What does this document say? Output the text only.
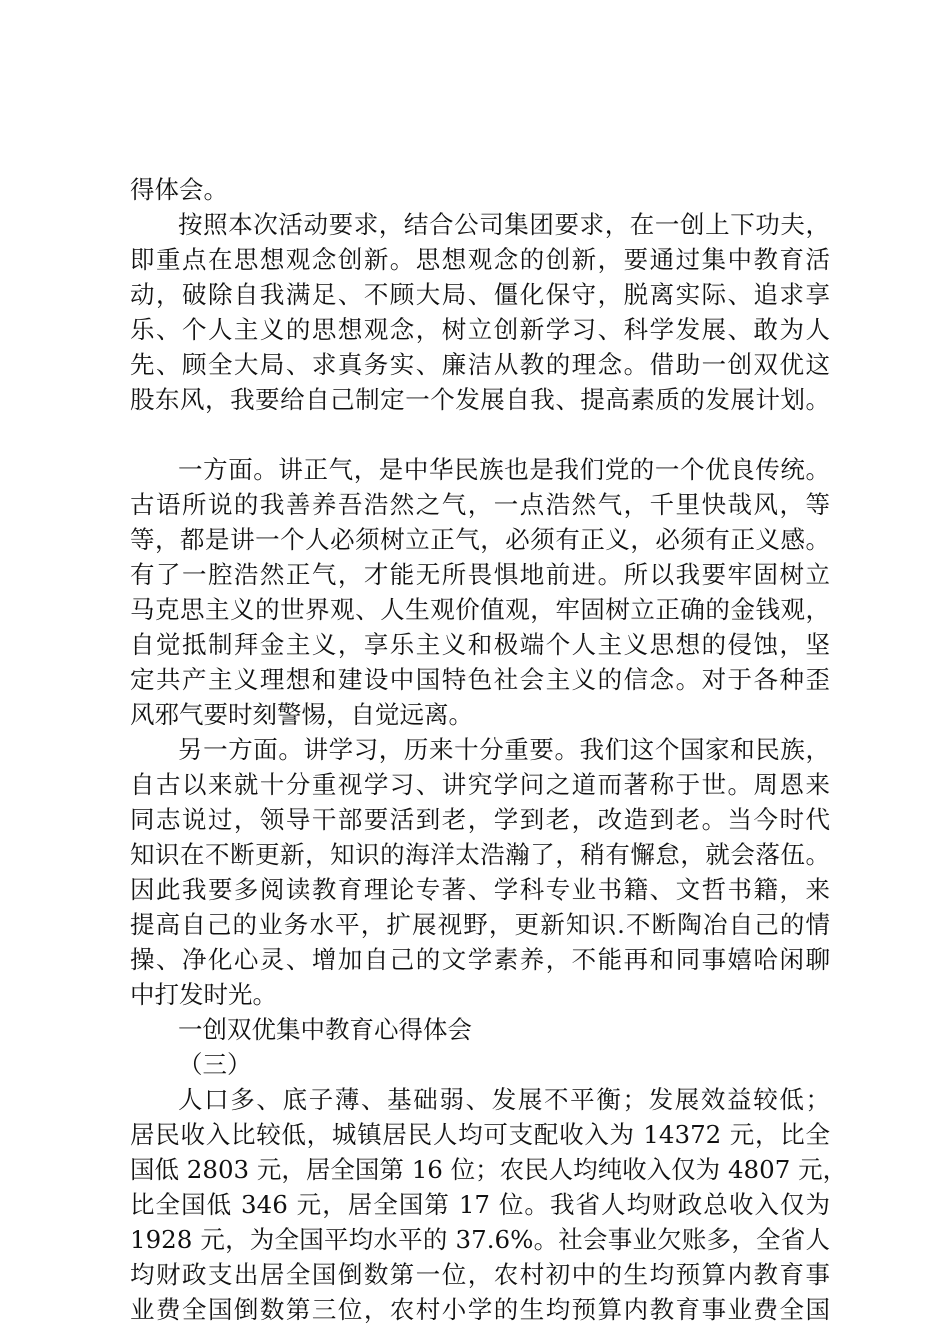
得体会。
按照本次活动要求，结合公司集团要求，在一创上下功夫，
即重点在思想观念创新。思想观念的创新，要通过集中教育活
动，破除自我满足、不顾大局、僵化保守，脱离实际、追求享
乐、个人主义的思想观念，树立创新学习、科学发展、敢为人
先、顾全大局、求真务实、廉洁从教的理念。借助一创双优这
股东风，我要给自己制定一个发展自我、提高素质的发展计划。
一方面。讲正气，是中华民族也是我们党的一个优良传统。
古语所说的我善养吾浩然之气，一点浩然气，千里快哉风，等
等，都是讲一个人必须树立正气，必须有正义，必须有正义感。
有了一腔浩然正气，才能无所畏惧地前进。所以我要牢固树立
马克思主义的世界观、人生观价值观，牢固树立正确的金钱观，
自觉抵制拜金主义，享乐主义和极端个人主义思想的侵蚀，坚
定共产主义理想和建设中国特色社会主义的信念。对于各种歪
风邪气要时刻警惕，自觉远离。
另一方面。讲学习，历来十分重要。我们这个国家和民族，
自古以来就十分重视学习、讲究学问之道而著称于世。周恩来
同志说过，领导干部要活到老，学到老，改造到老。当今时代
知识在不断更新，知识的海洋太浩瀚了，稍有懈怠，就会落伍。
因此我要多阅读教育理论专著、学科专业书籍、文哲书籍，来
提高自己的业务水平，扩展视野，更新知识.不断陶冶自己的情
操、净化心灵、增加自己的文学素养，不能再和同事嬉哈闲聊
中打发时光。
一创双优集中教育心得体会
（三）
人口多、底子薄、基础弱、发展不平衡；发展效益较低；
居民收入比较低，城镇居民人均可支配收入为 14372 元，比全
国低 2803 元，居全国第 16 位；农民人均纯收入仅为 4807 元，
比全国低 346 元，居全国第 17 位。我省人均财政总收入仅为
1928 元，为全国平均水平的 37.6%。社会事业欠账多，全省人
均财政支出居全国倒数第一位，农村初中的生均预算内教育事
业费全国倒数第三位，农村小学的生均预算内教育事业费全国
